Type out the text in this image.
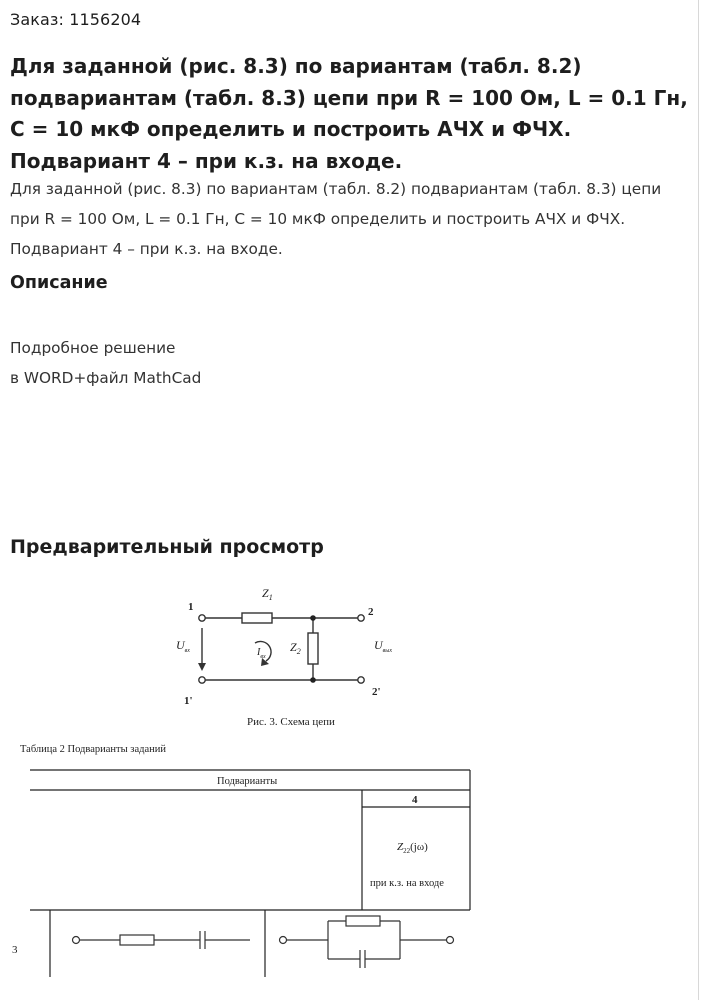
Заказ: 1156204

Для заданной (рис. 8.3) по вариантам (табл. 8.2) подвариантам (табл. 8.3) цепи при R = 100 Ом, L = 0.1 Гн, C = 10 мкФ определить и построить АЧХ и ФЧХ. Подвариант 4 – при к.з. на входе.

Для заданной (рис. 8.3) по вариантам (табл. 8.2) подвариантам (табл. 8.3) цепи при R = 100 Ом, L = 0.1 Гн, C = 10 мкФ определить и построить АЧХ и ФЧХ. Подвариант 4 – при к.з. на входе.

Описание

Подробное решение

в WORD+файл MathCad

Предварительный просмотр
$Z_1$
$Z_2$
1	2
1'
2'
$U_{вх}$	$U_{вых}$
$I_{вх}$
Рис. 3. Схема цепи
Таблица 2 Подварианты заданий
Подварианты
4
$Z_{22}(j\omega)$
при к.з. на входе
3
